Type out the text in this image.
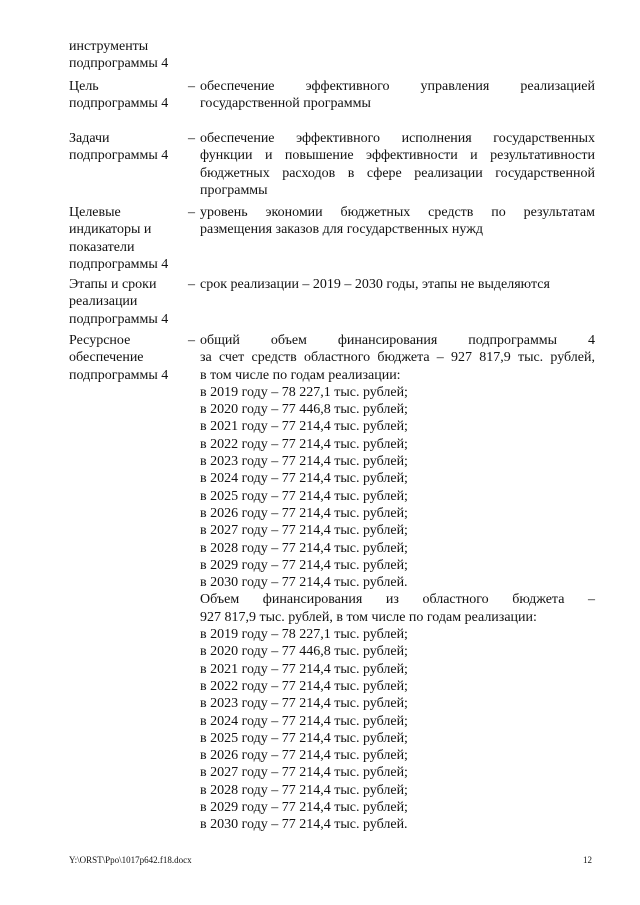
инструменты
подпрограммы 4
Цель
подпрограммы 4
– обеспечение эффективного управления реализацией
государственной программы
Задачи
подпрограммы 4
– обеспечение эффективного исполнения государственных
функции и повышение эффективности и результативности
бюджетных расходов в сфере реализации государственной
программы
Целевые
индикаторы и
показатели
подпрограммы 4
– уровень экономии бюджетных средств по результатам
размещения заказов для государственных нужд
Этапы и сроки
реализации
подпрограммы 4
– срок реализации – 2019 – 2030 годы, этапы не выделяются
Ресурсное
обеспечение
подпрограммы 4
– общий объем финансирования подпрограммы 4
за счет средств областного бюджета – 927 817,9 тыс. рублей,
в том числе по годам реализации:
в 2019 году – 78 227,1 тыс. рублей;
в 2020 году – 77 446,8 тыс. рублей;
в 2021 году – 77 214,4 тыс. рублей;
в 2022 году – 77 214,4 тыс. рублей;
в 2023 году – 77 214,4 тыс. рублей;
в 2024 году – 77 214,4 тыс. рублей;
в 2025 году – 77 214,4 тыс. рублей;
в 2026 году – 77 214,4 тыс. рублей;
в 2027 году – 77 214,4 тыс. рублей;
в 2028 году – 77 214,4 тыс. рублей;
в 2029 году – 77 214,4 тыс. рублей;
в 2030 году – 77 214,4 тыс. рублей.
Объем финансирования из областного бюджета –
927 817,9 тыс. рублей, в том числе по годам реализации:
в 2019 году – 78 227,1 тыс. рублей;
в 2020 году – 77 446,8 тыс. рублей;
в 2021 году – 77 214,4 тыс. рублей;
в 2022 году – 77 214,4 тыс. рублей;
в 2023 году – 77 214,4 тыс. рублей;
в 2024 году – 77 214,4 тыс. рублей;
в 2025 году – 77 214,4 тыс. рублей;
в 2026 году – 77 214,4 тыс. рублей;
в 2027 году – 77 214,4 тыс. рублей;
в 2028 году – 77 214,4 тыс. рублей;
в 2029 году – 77 214,4 тыс. рублей;
в 2030 году – 77 214,4 тыс. рублей.
Y:\ORST\Ppo\1017p642.f18.docx	12
